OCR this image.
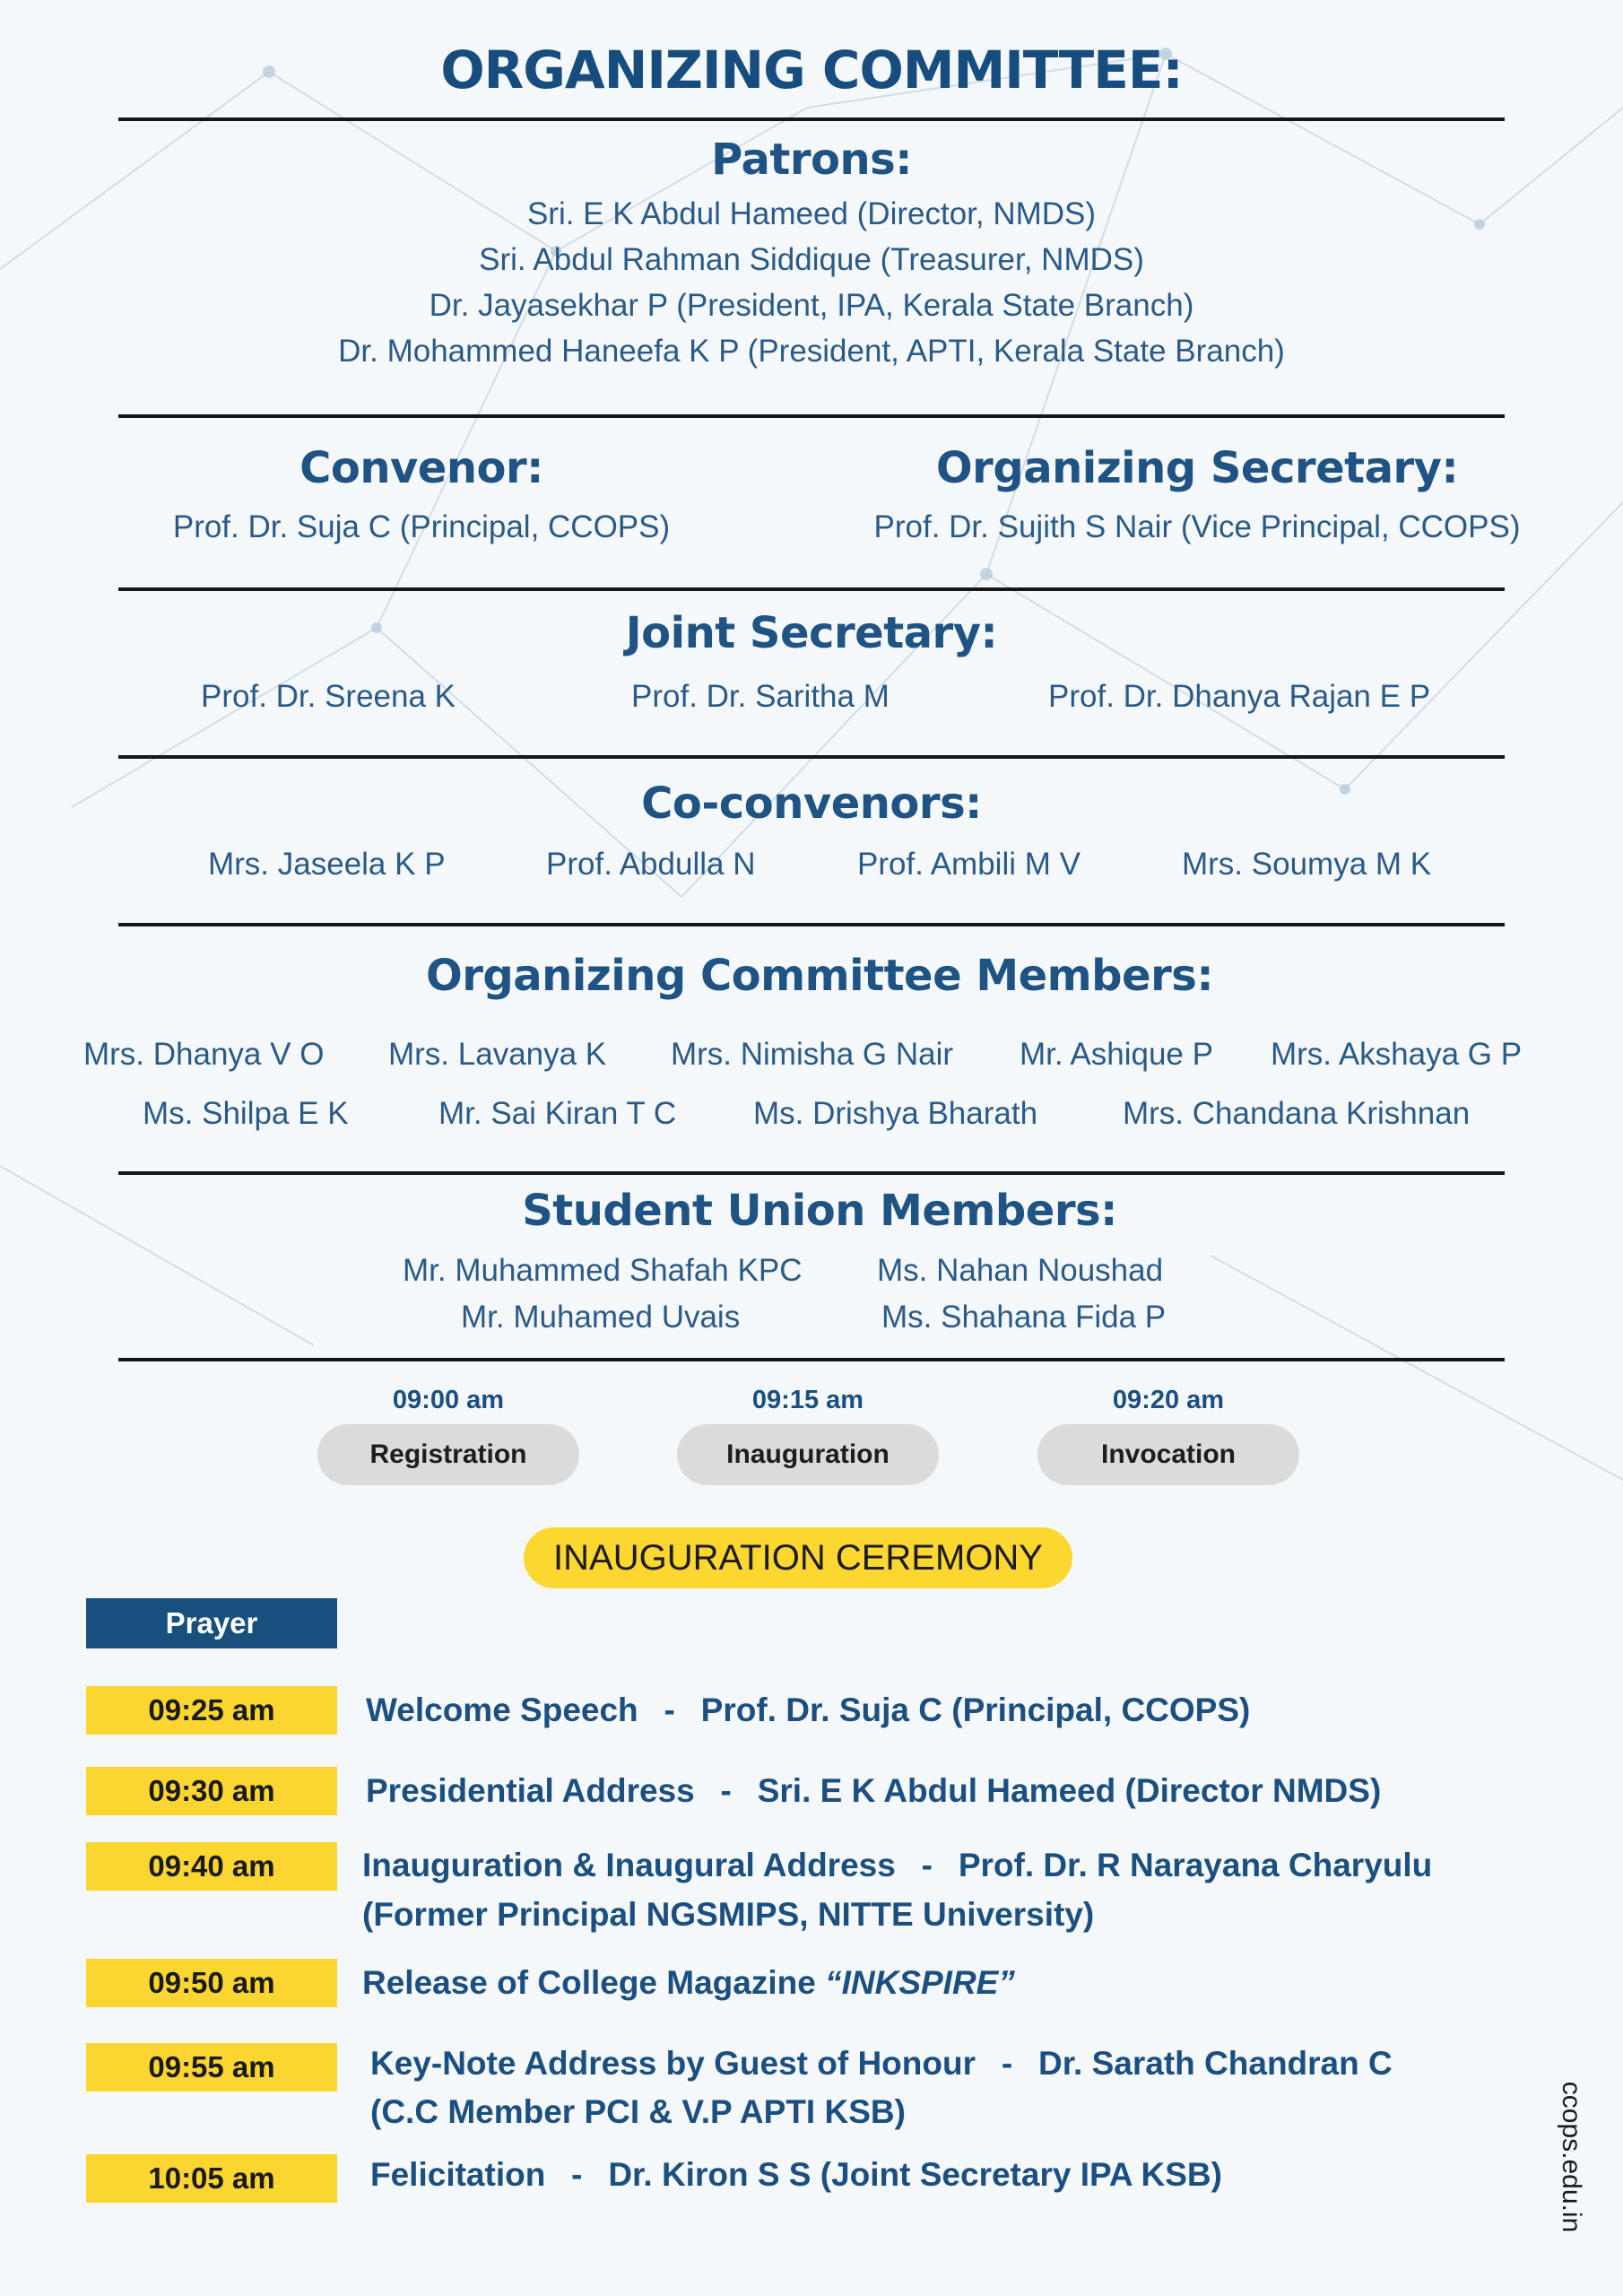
ORGANIZING COMMITTEE:
Patrons:
Sri. E K Abdul Hameed (Director, NMDS)
Sri. Abdul Rahman Siddique (Treasurer, NMDS)
Dr. Jayasekhar P (President, IPA, Kerala State Branch)
Dr. Mohammed Haneefa K P (President, APTI, Kerala State Branch)
Convenor:
Prof. Dr. Suja C (Principal, CCOPS)
Organizing Secretary:
Prof. Dr. Sujith S Nair (Vice Principal, CCOPS)
Joint Secretary:
Prof. Dr. Sreena K	Prof. Dr. Saritha M	Prof. Dr. Dhanya Rajan E P
Co-convenors:
Mrs. Jaseela K P	Prof. Abdulla N	Prof. Ambili M V	Mrs. Soumya M K
Organizing Committee Members:
Mrs. Dhanya V O Mrs. Lavanya K Mrs. Nimisha G Nair Mr. Ashique P Mrs. Akshaya G P
Ms. Shilpa E K	Mr. Sai Kiran T C Ms. Drishya Bharath	Mrs. Chandana Krishnan
Student Union Members:
Mr. Muhammed Shafah KPC Ms. Nahan Noushad
Mr. Muhamed Uvais	Ms. Shahana Fida P
09:00 am
Registration
09:15 am
Inauguration
09:20 am
Invocation
INAUGURATION CEREMONY
Prayer
09:25 am	Welcome Speech - Prof. Dr. Suja C (Principal, CCOPS)
09:30 am	Presidential Address - Sri. E K Abdul Hameed (Director NMDS)
09:40 am	Inauguration & Inaugural Address - Prof. Dr. R Narayana Charyulu
(Former Principal NGSMIPS, NITTE University)
09:50 am	Release of College Magazine “INKSPIRE”
09:55 am	Key-Note Address by Guest of Honour - Dr. Sarath Chandran C
(C.C Member PCI & V.P APTI KSB)
10:05 am	Felicitation - Dr. Kiron S S (Joint Secretary IPA KSB)	ccops.edu.in
